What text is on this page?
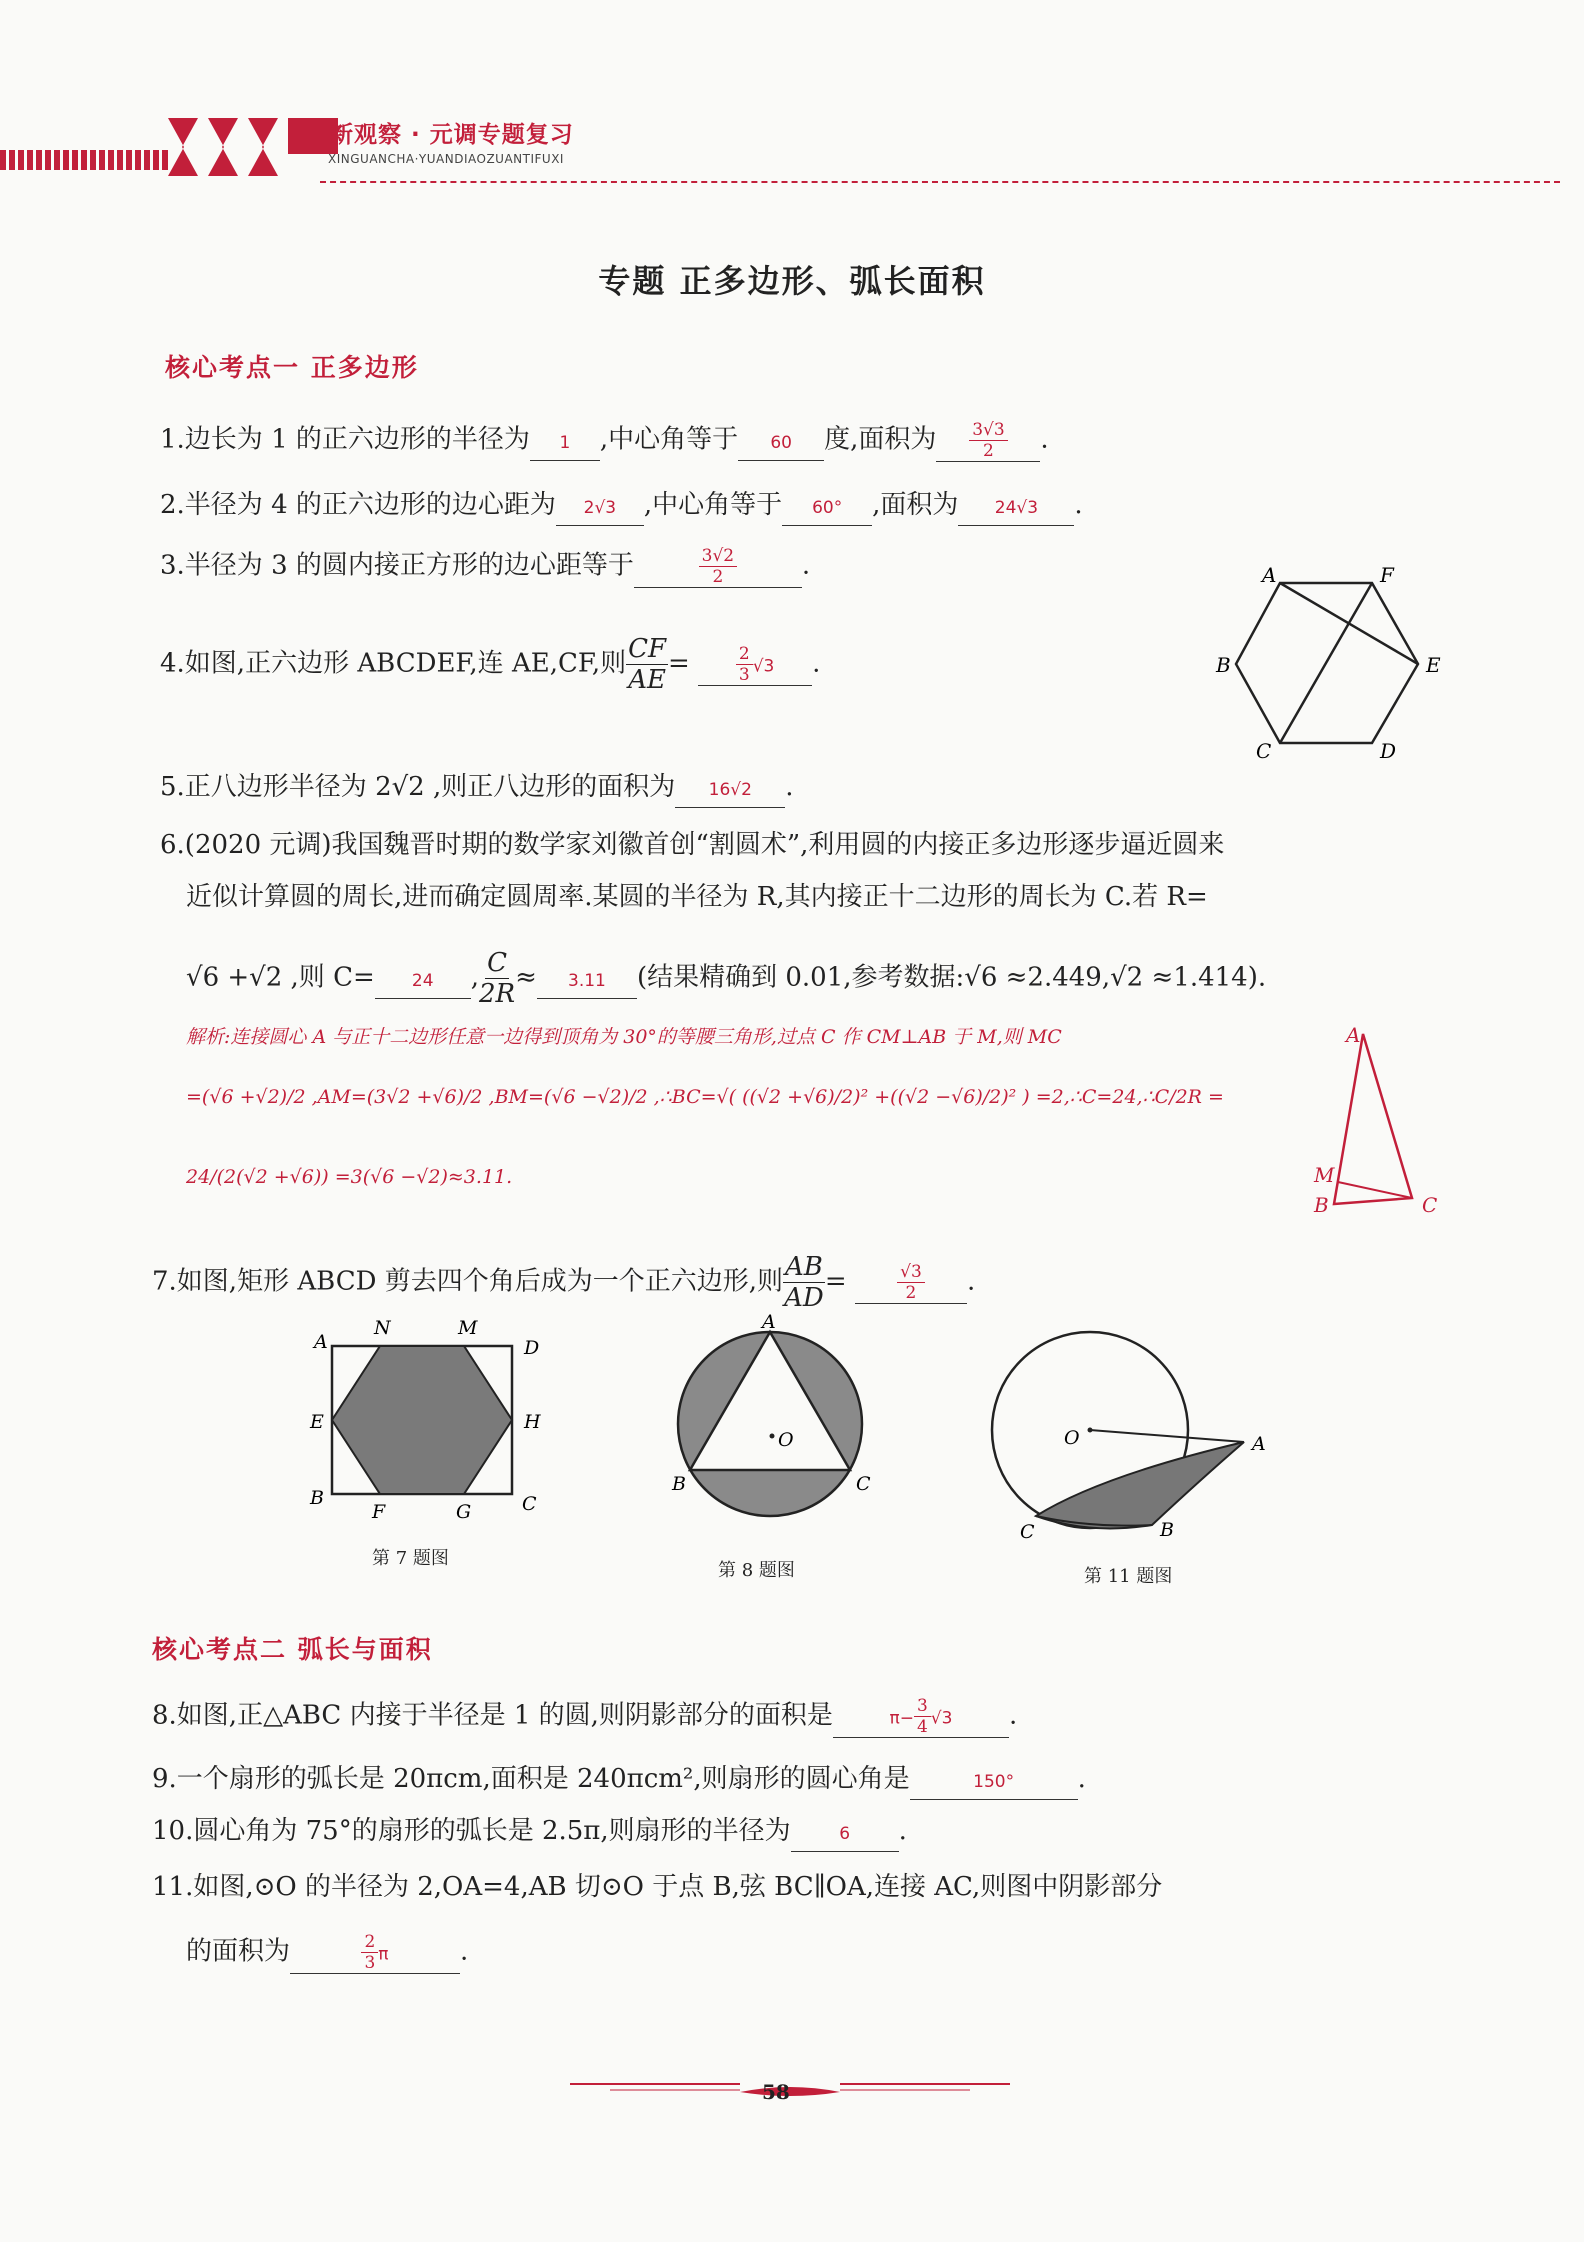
新观察 · 元调专题复习
XINGUANCHA·YUANDIAOZUANTIFUXI
专题 正多边形、弧长面积
核心考点一 正多边形
1.边长为 1 的正六边形的半径为 1 ,中心角等于 60 度,面积为 $\frac{3√3}{2}$ .
2.半径为 4 的正六边形的边心距为 2√3 ,中心角等于 60° ,面积为 24√3 .
3.半径为 3 的圆内接正方形的边心距等于	$\frac{3√2}{2}$ .
4.如图,正六边形 ABCDEF,连 AE,CF,则 $\frac{CF}{AE}$ =	$\frac{2}{3} √3$ .
A	F
B	E
C	D
5.正八边形半径为 2√2 ,则正八边形的面积为 16√2 .
6.(2020 元调)我国魏晋时期的数学家刘徽首创“割圆术”,利用圆的内接正多边形逐步逼近圆来
近似计算圆的周长,进而确定圆周率.某圆的半径为 R,其内接正十二边形的周长为 C.若 R=
√6 +√2 ,则 C= 24 , $\frac{C}{2R} \approx 3.11$ (结果精确到 0.01,参考数据:√6 ≈2.449,√2 ≈1.414).
解析:连接圆心 A 与正十二边形任意一边得到顶角为 30°的等腰三角形,过点 C 作 CM⊥AB 于 M,则 MC
=(√6 +√2)/2 ,AM=(3√2 +√6)/2 ,BM=(√6 −√2)/2 ,∴BC=√( ((√2 +√6)/2)² +((√2 −√6)/2)² ) =2,∴C=24,∴C/2R =
24/(2(√2 +√6)) =3(√6 −√2)≈3.11.
A
M
B	C
7.如图,矩形 ABCD 剪去四个角后成为一个正六边形,则 $\frac{AB}{AD}$ =	$\frac{√3}{2}$ .
A
N	M
D
E	H
B
F	G	C
第 7 题图
A
O
B	C
第 8 题图
O	A
C	B
第 11 题图
核心考点二 弧长与面积
8.如图,正△ABC 内接于半径是 1 的圆,则阴影部分的面积是	$\pi- \frac{3}{4} √3$ .
9.一个扇形的弧长是 20πcm,面积是 240πcm²,则扇形的圆心角是	150° .
10.圆心角为 75°的扇形的弧长是 2.5π,则扇形的半径为	6 .
11.如图,⊙O 的半径为 2,OA=4,AB 切⊙O 于点 B,弦 BC∥OA,连接 AC,则图中阴影部分
的面积为	$\frac{2}{3}$ π	.
58
